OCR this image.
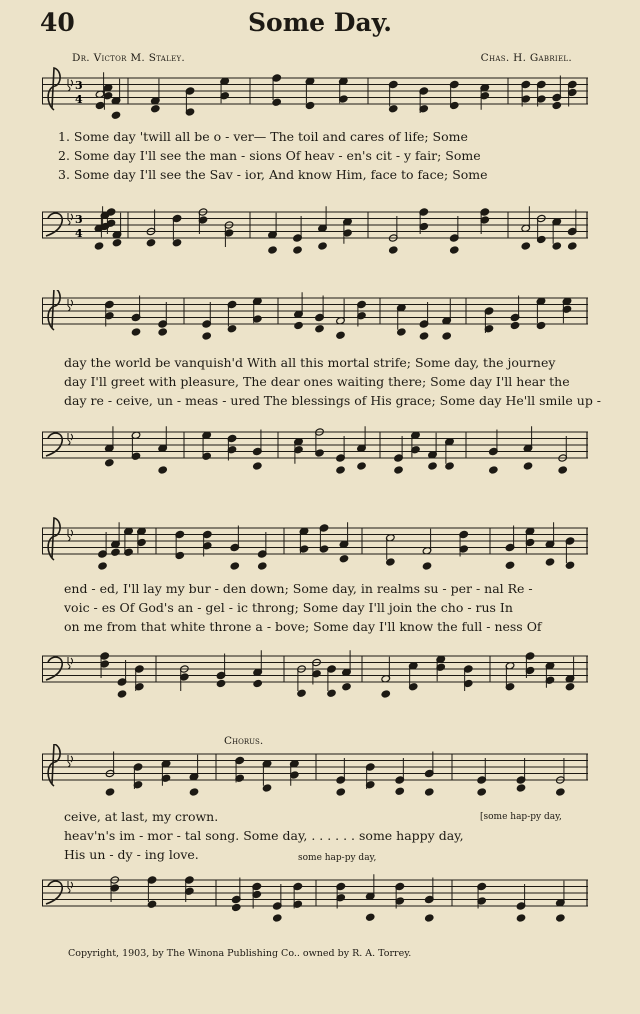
40	Some Day.
Dr. Victor M. Staley.	Chas. H. Gabriel.
3
4
1. Some day 'twill all be o - ver— The toil and cares of life; Some
2. Some day I'll see the man - sions Of heav - en's cit - y fair; Some
3. Some day I'll see the Sav - ior, And know Him, face to face; Some
3
4
day the world be vanquish'd With all this mortal strife; Some day, the journey
day I'll greet with pleasure, The dear ones waiting there; Some day I'll hear the
day re - ceive, un - meas - ured The blessings of His grace; Some day He'll smile up -
end - ed, I'll lay my bur - den down; Some day, in realms su - per - nal Re -
voic - es Of God's an - gel - ic throng; Some day I'll join the cho - rus In
on me from that white throne a - bove; Some day I'll know the full - ness Of
Chorus.
ceive, at last, my crown.	[some hap-py day,
heav'n's im - mor - tal song. Some day, . . . . . . some happy day,
His un - dy - ing love.	some hap-py day,
Copyright, 1903, by The Winona Publishing Co.. owned by R. A. Torrey.
